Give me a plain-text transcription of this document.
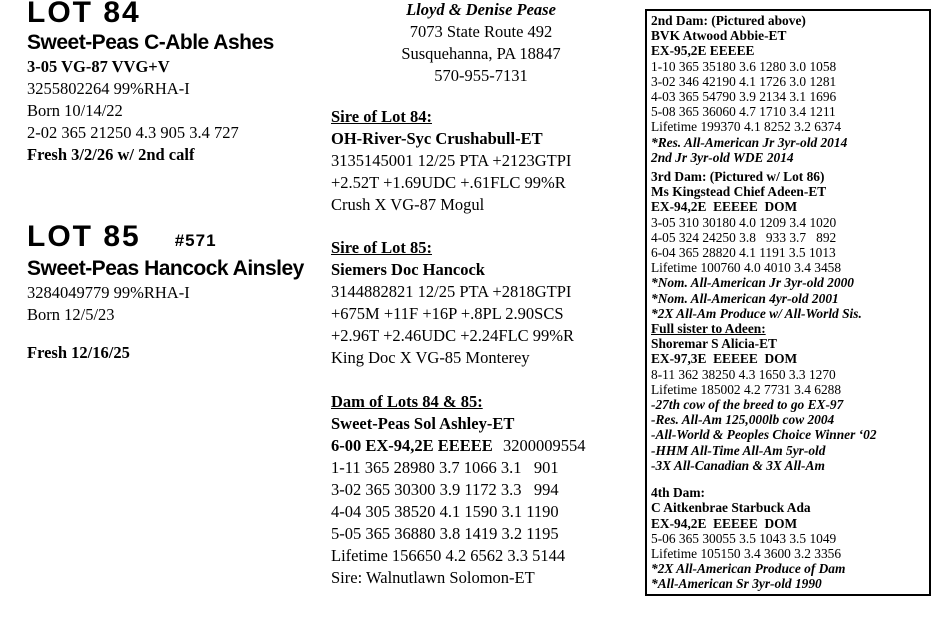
LOT 84
Sweet-Peas C-Able Ashes
3-05 VG-87 VVG+V
3255802264 99%RHA-I
Born 10/14/22
2-02 365 21250 4.3 905 3.4 727
Fresh 3/2/26 w/ 2nd calf
LOT 85 #571
Sweet-Peas Hancock Ainsley
3284049779 99%RHA-I
Born 12/5/23
Fresh 12/16/25
Lloyd & Denise Pease
7073 State Route 492
Susquehanna, PA 18847
570-955-7131
Sire of Lot 84:
OH-River-Syc Crushabull-ET
3135145001 12/25 PTA +2123GTPI
+2.52T +1.69UDC +.61FLC 99%R
Crush X VG-87 Mogul
Sire of Lot 85:
Siemers Doc Hancock
3144882821 12/25 PTA +2818GTPI
+675M +11F +16P +.8PL 2.90SCS
+2.96T +2.46UDC +2.24FLC 99%R
King Doc X VG-85 Monterey
Dam of Lots 84 & 85:
Sweet-Peas Sol Ashley-ET
6-00 EX-94,2E EEEEE 3200009554
1-11 365 28980 3.7 1066 3.1   901
3-02 365 30300 3.9 1172 3.3   994
4-04 305 38520 4.1 1590 3.1 1190
5-05 365 36880 3.8 1419 3.2 1195
Lifetime 156650 4.2 6562 3.3 5144
Sire: Walnutlawn Solomon-ET
2nd Dam: (Pictured above)
BVK Atwood Abbie-ET
EX-95,2E EEEEE
1-10 365 35180 3.6 1280 3.0 1058
3-02 346 42190 4.1 1726 3.0 1281
4-03 365 54790 3.9 2134 3.1 1696
5-08 365 36060 4.7 1710 3.4 1211
Lifetime 199370 4.1 8252 3.2 6374
*Res. All-American Jr 3yr-old 2014
2nd Jr 3yr-old WDE 2014
3rd Dam: (Pictured w/ Lot 86)
Ms Kingstead Chief Adeen-ET
EX-94,2E  EEEEE  DOM
3-05 310 30180 4.0 1209 3.4 1020
4-05 324 24250 3.8   933 3.7   892
6-04 365 28820 4.1 1191 3.5 1013
Lifetime 100760 4.0 4010 3.4 3458
*Nom. All-American Jr 3yr-old 2000
*Nom. All-American 4yr-old 2001
*2X All-Am Produce w/ All-World Sis.
Full sister to Adeen:
Shoremar S Alicia-ET
EX-97,3E  EEEEE  DOM
8-11 362 38250 4.3 1650 3.3 1270
Lifetime 185002 4.2 7731 3.4 6288
-27th cow of the breed to go EX-97
-Res. All-Am 125,000lb cow 2004
-All-World & Peoples Choice Winner ‘02
-HHM All-Time All-Am 5yr-old
-3X All-Canadian & 3X All-Am
4th Dam:
C Aitkenbrae Starbuck Ada
EX-94,2E  EEEEE  DOM
5-06 365 30055 3.5 1043 3.5 1049
Lifetime 105150 3.4 3600 3.2 3356
*2X All-American Produce of Dam
*All-American Sr 3yr-old 1990
